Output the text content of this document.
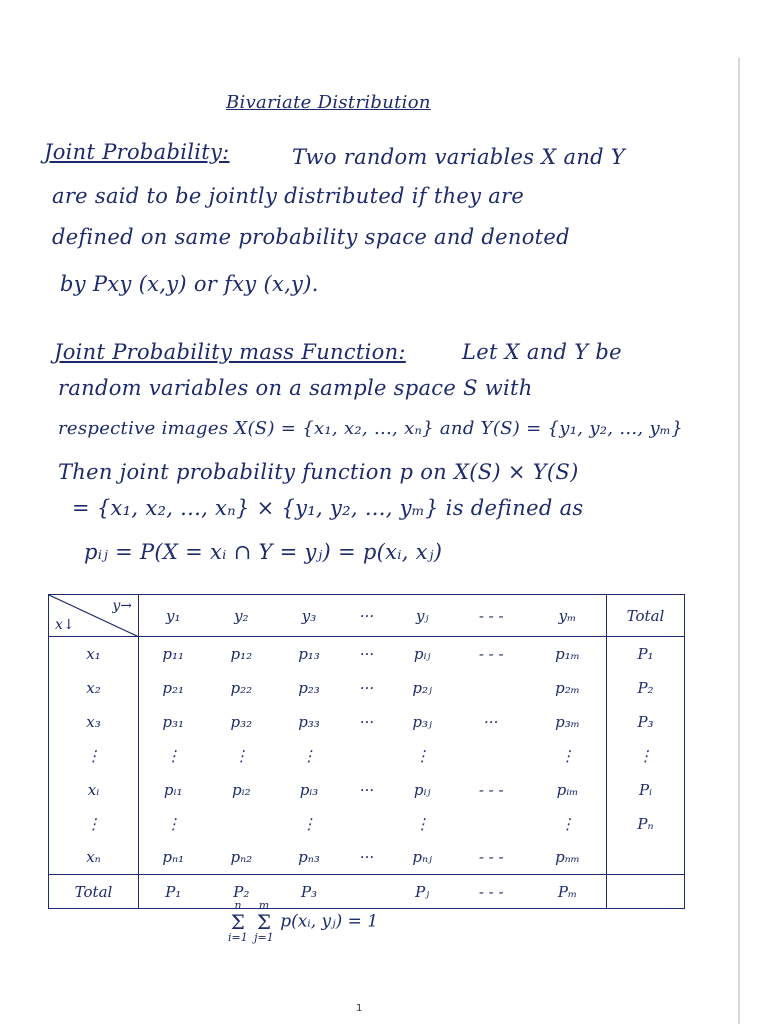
Bivariate Distribution
Joint Probability:	Two random variables X and Y
are said to be jointly distributed if they are
defined on same probability space and denoted
by Pxy (x,y) or fxy (x,y).
Joint Probability mass Function:	Let X and Y be
random variables on a sample space S with
respective images X(S) = {x₁, x₂, ..., xₙ} and Y(S) = {y₁, y₂, ..., yₘ}
Then joint probability function p on X(S) × Y(S)
= {x₁, x₂, ..., xₙ} × {y₁, y₂, ..., yₘ} is defined as
pᵢⱼ = P(X = xᵢ ∩ Y = yⱼ) = p(xᵢ, xⱼ)
y→
x↓	y₁	y₂	y₃	···	yⱼ	- - -	yₘ	Total
x₁	p₁₁	p₁₂	p₁₃	···	pᵢⱼ	- - -	p₁ₘ	P₁
x₂	p₂₁	p₂₂	p₂₃	···	p₂ⱼ		p₂ₘ	P₂
x₃	p₃₁	p₃₂	p₃₃	···	p₃ⱼ	···	p₃ₘ	P₃
⋮	⋮	⋮	⋮		⋮		⋮	⋮
xᵢ	pᵢ₁	pᵢ₂	pᵢ₃	···	pᵢⱼ	- - -	pᵢₘ	Pᵢ
⋮	⋮		⋮		⋮		⋮	Pₙ
xₙ	pₙ₁	pₙ₂	pₙ₃	···	pₙⱼ	- - -	pₙₘ	
Total	P₁	P₂	P₃		Pⱼ	- - -	Pₘ	
n
Σ
i=1

m
Σ
j=1
p(xᵢ, yⱼ) = 1
1
